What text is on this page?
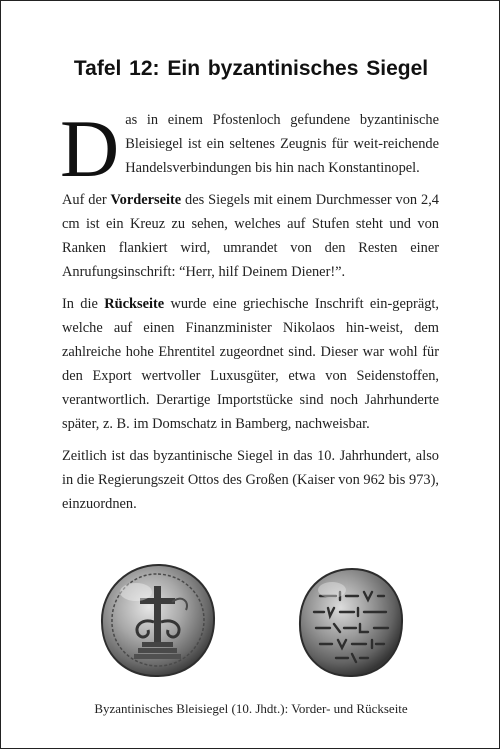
Tafel 12: Ein byzantinisches Siegel

Das in einem Pfostenloch gefundene byzantinische Bleisiegel ist ein seltenes Zeugnis für weit-reichende Handelsverbindungen bis hin nach Konstantinopel.

Auf der Vorderseite des Siegels mit einem Durchmesser von 2,4 cm ist ein Kreuz zu sehen, welches auf Stufen steht und von Ranken flankiert wird, umrandet von den Resten einer Anrufungsinschrift: “Herr, hilf Deinem Diener!”.

In die Rückseite wurde eine griechische Inschrift ein-geprägt, welche auf einen Finanzminister Nikolaos hin-weist, dem zahlreiche hohe Ehrentitel zugeordnet sind. Dieser war wohl für den Export wertvoller Luxusgüter, etwa von Seidenstoffen, verantwortlich. Derartige Importstücke sind noch Jahrhunderte später, z. B. im Domschatz in Bamberg, nachweisbar.

Zeitlich ist das byzantinische Siegel in das 10. Jahrhundert, also in die Regierungszeit Ottos des Großen (Kaiser von 962 bis 973), einzuordnen.

Byzantinisches Bleisiegel (10. Jhdt.): Vorder- und Rückseite
